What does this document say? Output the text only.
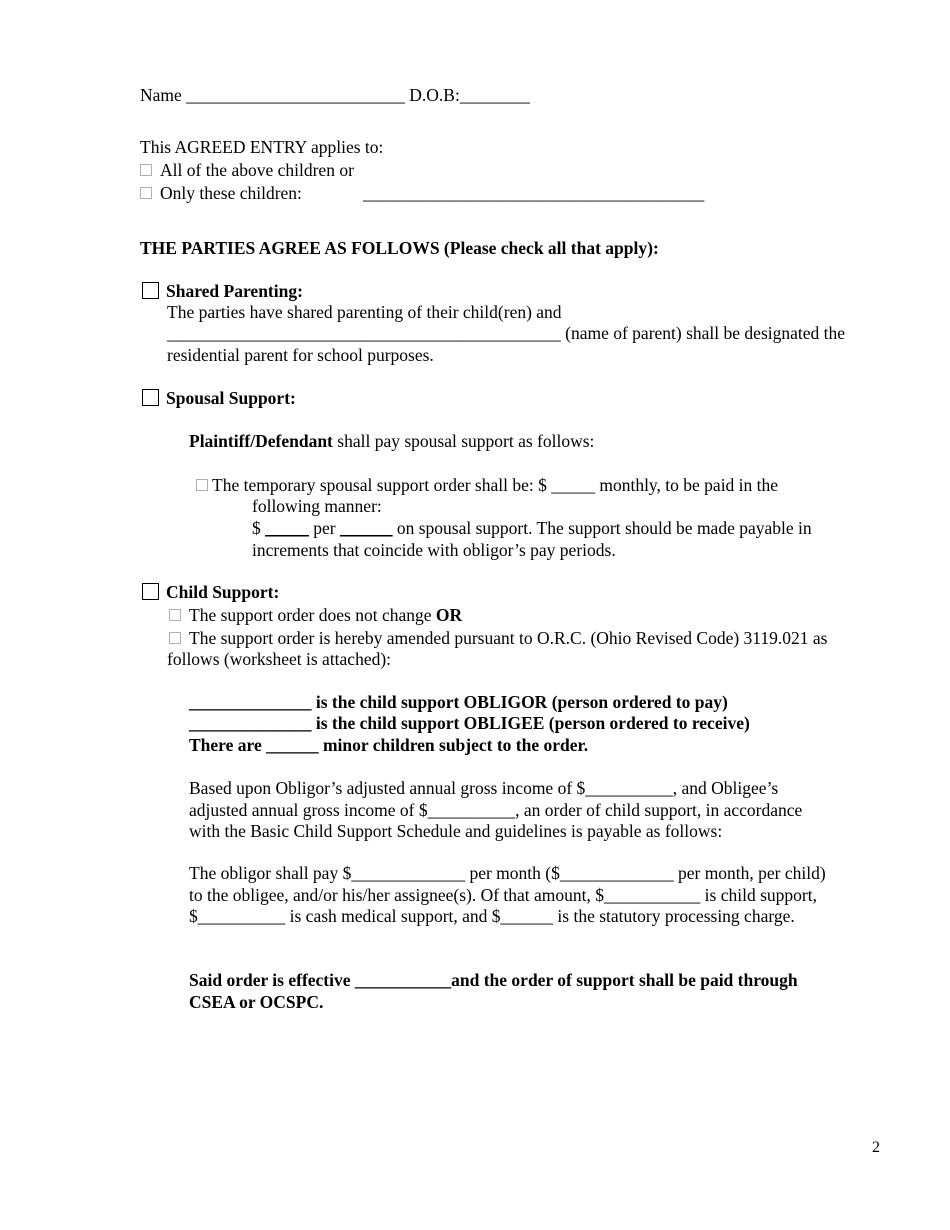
Name _________________________ D.O.B:________
This AGREED ENTRY applies to:
All of the above children or
Only these children:	_______________________________________
THE PARTIES AGREE AS FOLLOWS (Please check all that apply):
Shared Parenting:
The parties have shared parenting of their child(ren) and
_____________________________________________ (name of parent) shall be designated the
residential parent for school purposes.
Spousal Support:
Plaintiff/Defendant shall pay spousal support as follows:
The temporary spousal support order shall be: $ _____ monthly, to be paid in the
following manner:
$ _____ per ______ on spousal support. The support should be made payable in
increments that coincide with obligor’s pay periods.
Child Support:
The support order does not change OR
The support order is hereby amended pursuant to O.R.C. (Ohio Revised Code) 3119.021 as
follows (worksheet is attached):
______________ is the child support OBLIGOR (person ordered to pay)
______________ is the child support OBLIGEE (person ordered to receive)
There are ______ minor children subject to the order.
Based upon Obligor’s adjusted annual gross income of $__________, and Obligee’s
adjusted annual gross income of $__________, an order of child support, in accordance
with the Basic Child Support Schedule and guidelines is payable as follows:
The obligor shall pay $_____________ per month ($_____________ per month, per child)
to the obligee, and/or his/her assignee(s). Of that amount, $___________ is child support,
$__________ is cash medical support, and $______ is the statutory processing charge.
Said order is effective ___________and the order of support shall be paid through
CSEA or OCSPC.
2
